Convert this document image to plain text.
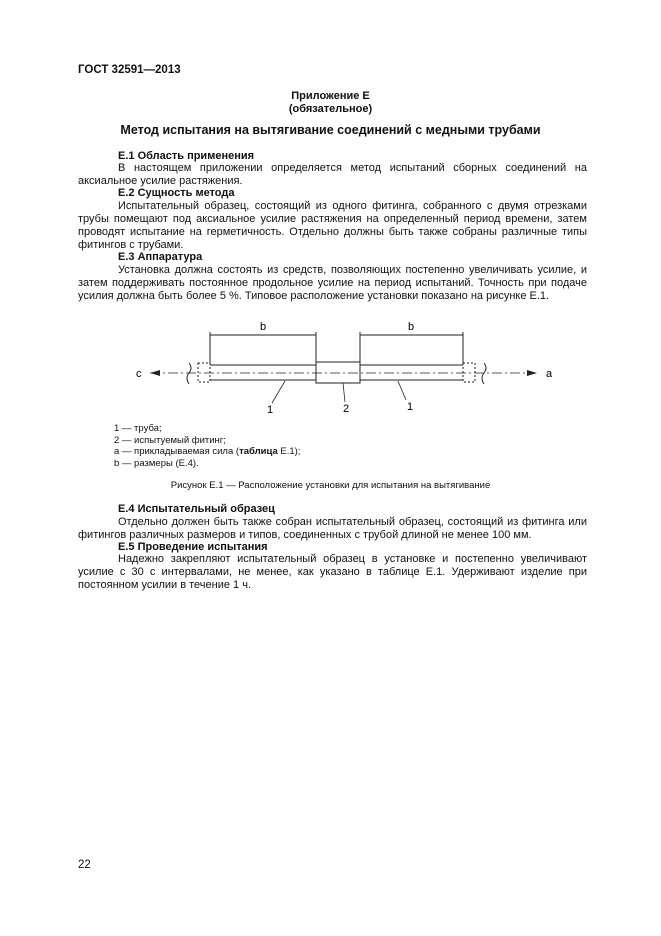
ГОСТ 32591—2013
Приложение Е
(обязательное)
Метод испытания на вытягивание соединений с медными трубами
Е.1 Область применения

В настоящем приложении определяется метод испытаний сборных соединений на аксиальное усилие растяжения.

Е.2 Сущность метода

Испытательный образец, состоящий из одного фитинга, собранного с двумя отрезками трубы помещают под аксиальное усилие растяжения на определенный период времени, затем проводят испытание на герметичность. Отдельно должны быть также собраны различные типы фитингов с трубами.

Е.3 Аппаратура

Установка должна состоять из средств, позволяющих постепенно увеличивать усилие, и затем поддерживать постоянное продольное усилие на период испытаний. Точность при подаче усилия должна быть более 5 %. Типовое расположение установки показано на рисунке Е.1.

b	b
c	a
1	2	1
1 — труба;
2 — испытуемый фитинг;
а — прикладываемая сила (таблица Е.1);
b — размеры (Е.4).
Рисунок Е.1 — Расположение установки для испытания на вытягивание
Е.4 Испытательный образец

Отдельно должен быть также собран испытательный образец, состоящий из фитинга или фитингов различных размеров и типов, соединенных с трубой длиной не менее 100 мм.

Е.5 Проведение испытания

Надежно закрепляют испытательный образец в установке и постепенно увеличивают усилие с 30 с интервалами, не менее, как указано в таблице Е.1. Удерживают изделие при постоянном усилии в течение 1 ч.

22
